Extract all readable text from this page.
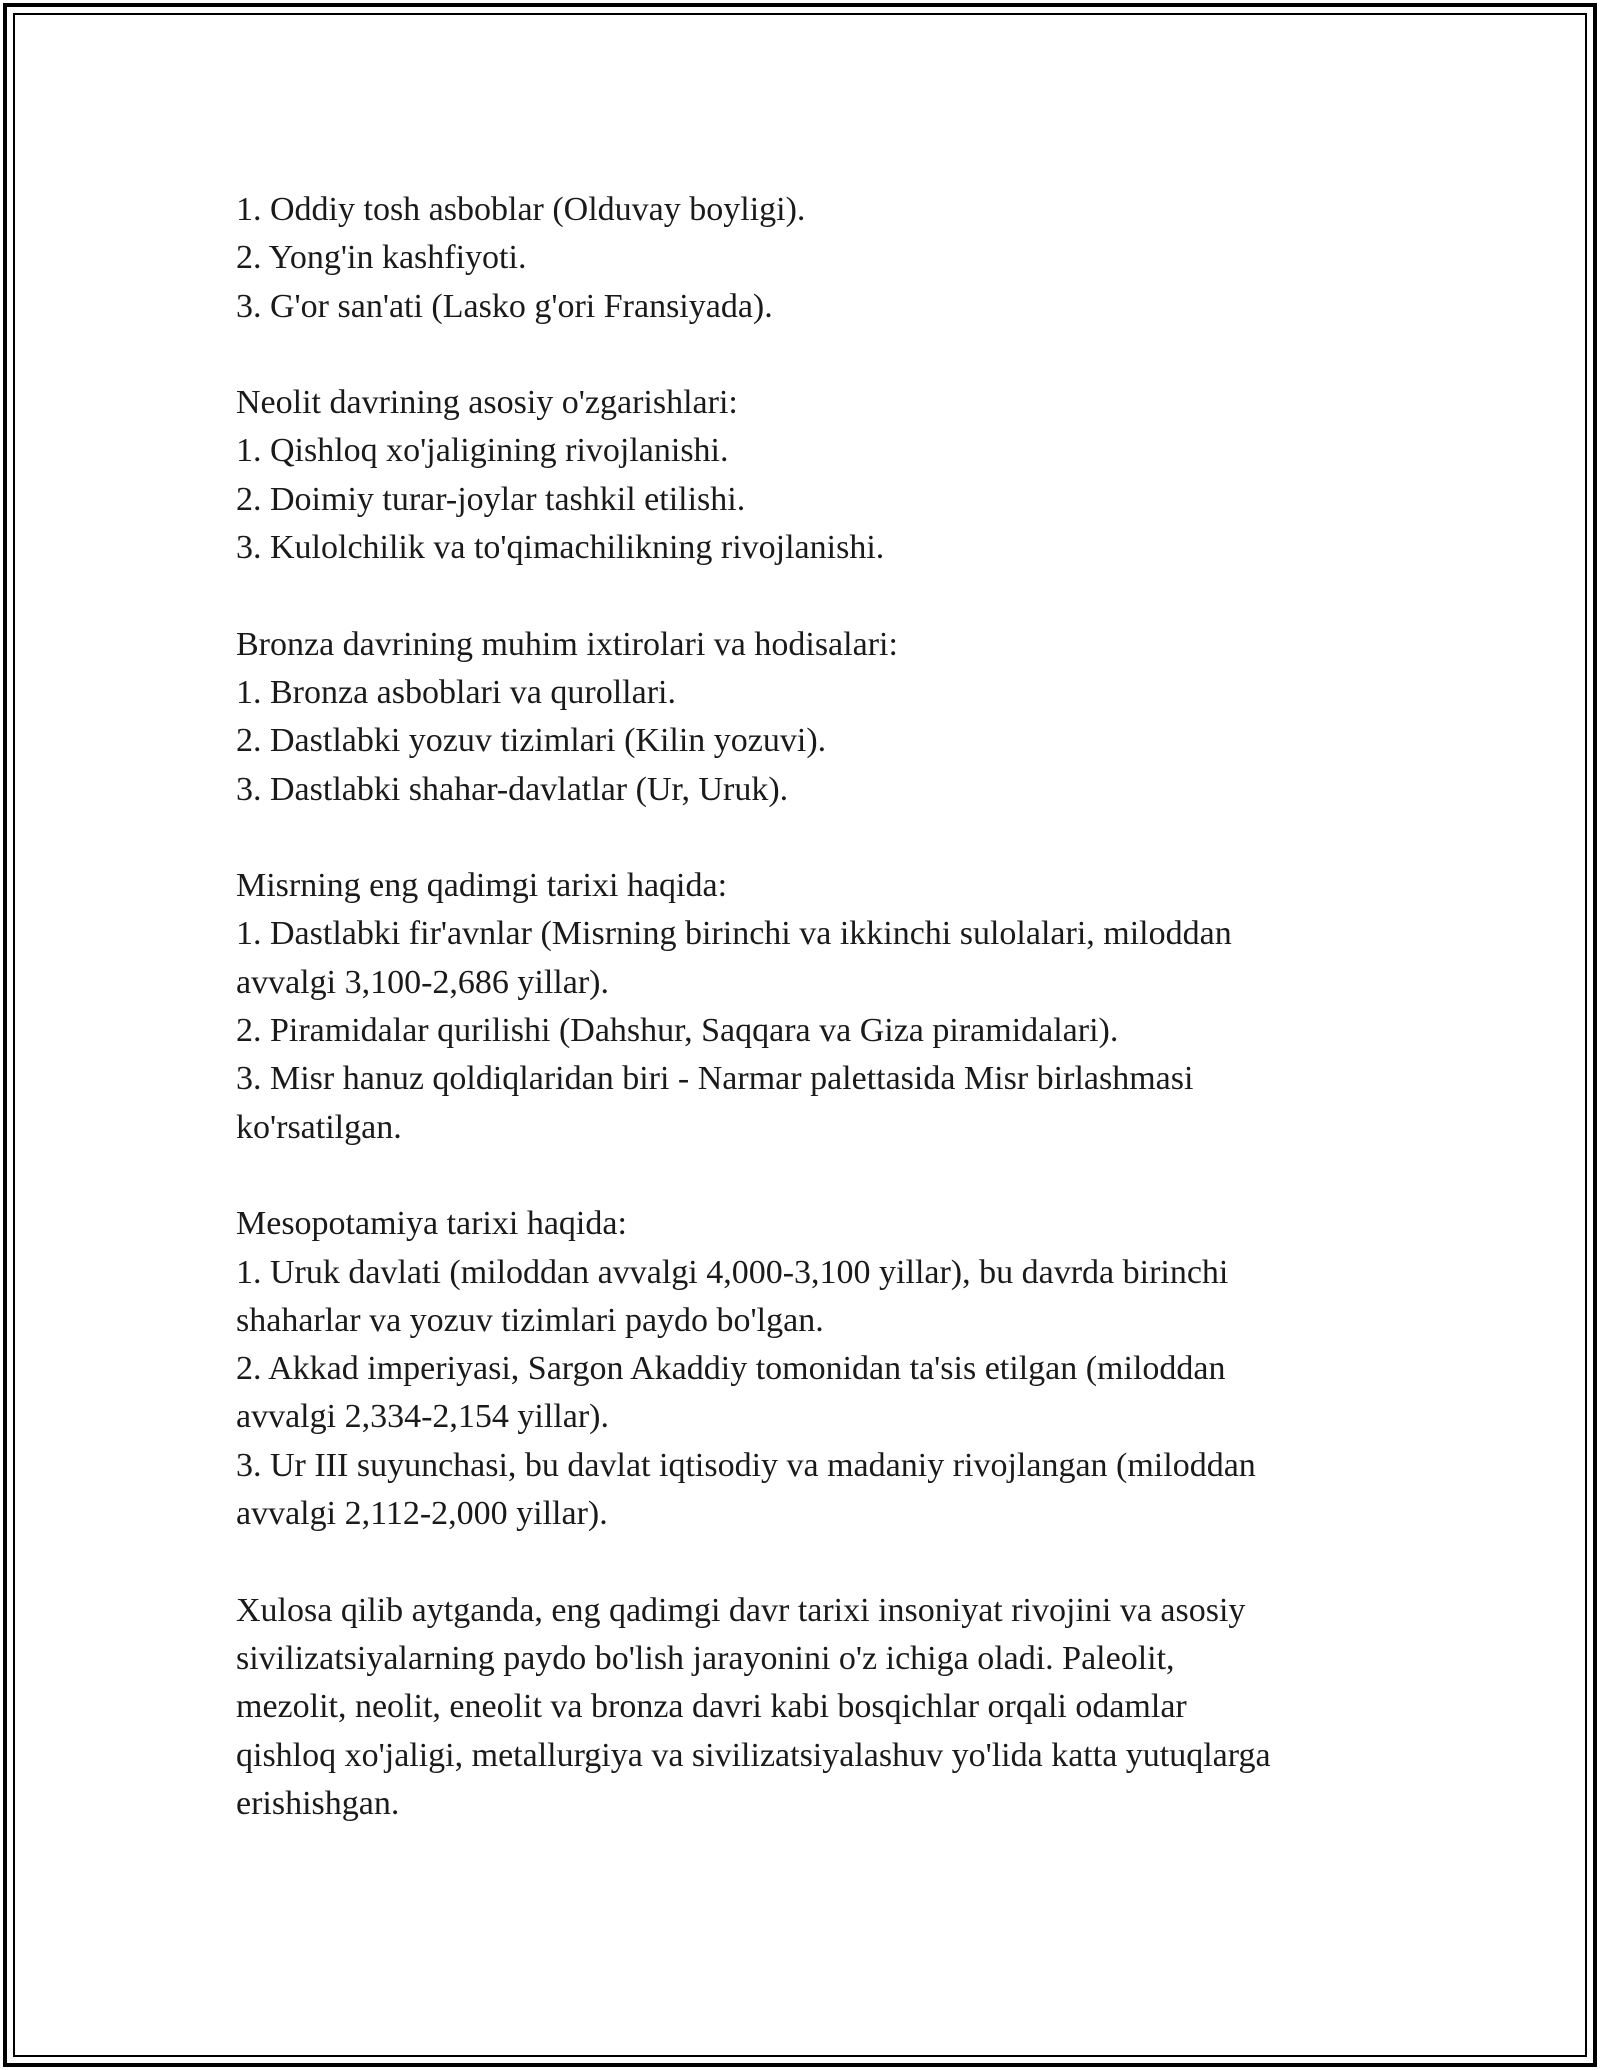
1. Oddiy tosh asboblar (Olduvay boyligi).
2. Yong'in kashfiyoti.
3. G'or san'ati (Lasko g'ori Fransiyada).
Neolit davrining asosiy o'zgarishlari:
1. Qishloq xo'jaligining rivojlanishi.
2. Doimiy turar-joylar tashkil etilishi.
3. Kulolchilik va to'qimachilikning rivojlanishi.
Bronza davrining muhim ixtirolari va hodisalari:
1. Bronza asboblari va qurollari.
2. Dastlabki yozuv tizimlari (Kilin yozuvi).
3. Dastlabki shahar-davlatlar (Ur, Uruk).
Misrning eng qadimgi tarixi haqida:
1. Dastlabki fir'avnlar (Misrning birinchi va ikkinchi sulolalari, miloddan
avvalgi 3,100-2,686 yillar).
2. Piramidalar qurilishi (Dahshur, Saqqara va Giza piramidalari).
3. Misr hanuz qoldiqlaridan biri - Narmar palettasida Misr birlashmasi
ko'rsatilgan.
Mesopotamiya tarixi haqida:
1. Uruk davlati (miloddan avvalgi 4,000-3,100 yillar), bu davrda birinchi
shaharlar va yozuv tizimlari paydo bo'lgan.
2. Akkad imperiyasi, Sargon Akaddiy tomonidan ta'sis etilgan (miloddan
avvalgi 2,334-2,154 yillar).
3. Ur III suyunchasi, bu davlat iqtisodiy va madaniy rivojlangan (miloddan
avvalgi 2,112-2,000 yillar).
Xulosa qilib aytganda, eng qadimgi davr tarixi insoniyat rivojini va asosiy
sivilizatsiyalarning paydo bo'lish jarayonini o'z ichiga oladi. Paleolit,
mezolit, neolit, eneolit va bronza davri kabi bosqichlar orqali odamlar
qishloq xo'jaligi, metallurgiya va sivilizatsiyalashuv yo'lida katta yutuqlarga
erishishgan.
